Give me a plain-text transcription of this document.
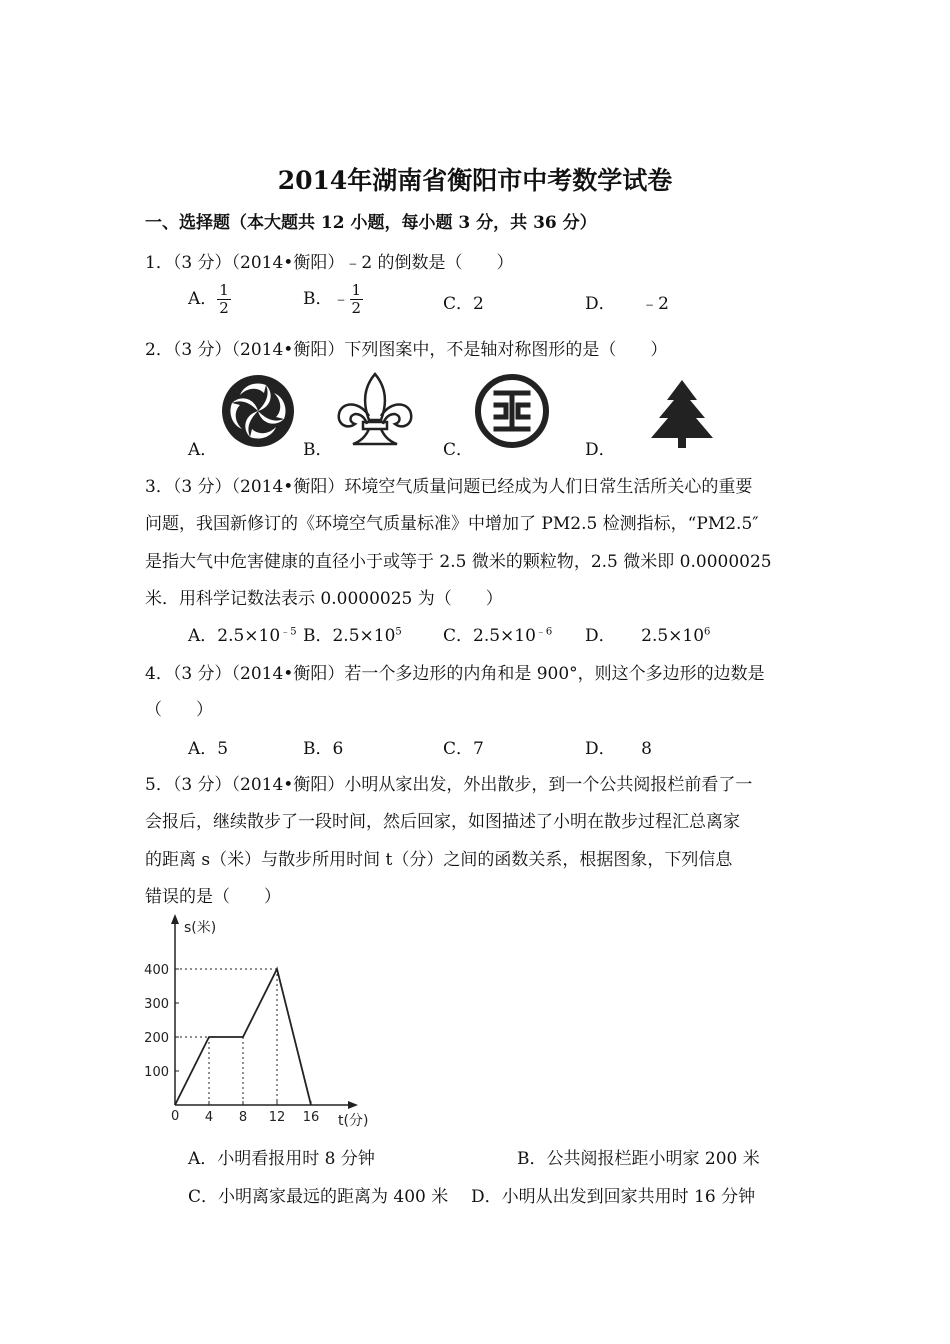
2014年湖南省衡阳市中考数学试卷
一、选择题（本大题共 12 小题，每小题 3 分，共 36 分）
1．（3 分）（2014•衡阳）﹣2 的倒数是（　　）
A． $\frac{1}{2}$	B．﹣ $\frac{1}{2}$	C．2	D．　　﹣2
2．（3 分）（2014•衡阳）下列图案中，不是轴对称图形的是（　　）
A．	B．	C．	D．
3．（3 分）（2014•衡阳）环境空气质量问题已经成为人们日常生活所关心的重要
问题，我国新修订的《环境空气质量标准》中增加了 PM2.5 检测指标，“PM2.5″
是指大气中危害健康的直径小于或等于 2.5 微米的颗粒物，2.5 微米即 0.0000025
米．用科学记数法表示 0.0000025 为（　　）
A．$2.5\times 10^{﹣5}$ B．$2.5\times 10^5$ C．$2.5\times 10^{﹣6}$ D．　　$2.5\times 10^6$
4．（3 分）（2014•衡阳）若一个多边形的内角和是 900°，则这个多边形的边数是
（　　）
A．5	B．6	C．7	D．　　8
5．（3 分）（2014•衡阳）小明从家出发，外出散步，到一个公共阅报栏前看了一
会报后，继续散步了一段时间，然后回家，如图描述了小明在散步过程汇总离家
的距离 s（米）与散步所用时间 t（分）之间的函数关系，根据图象，下列信息
错误的是（　　）
s(米)
t(分)
0
100
200
300
400
4 8 12 16
A．小明看报用时 8 分钟	B．公共阅报栏距小明家 200 米
C．小明离家最远的距离为 400 米 D．小明从出发到回家共用时 16 分钟
